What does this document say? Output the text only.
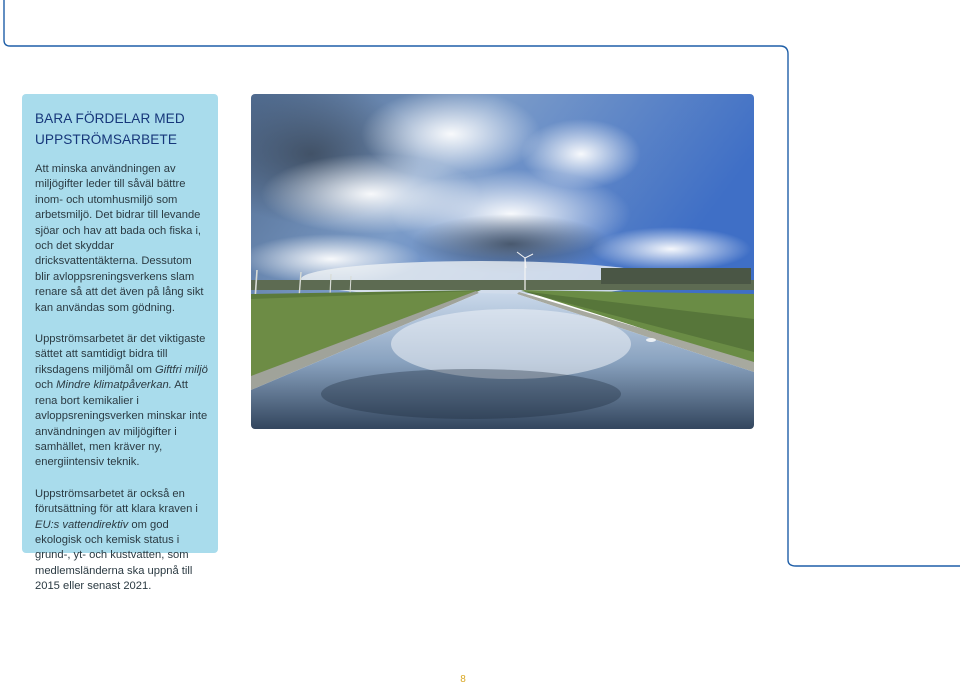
BARA FÖRDELAR MED
UPPSTRÖMSARBETE

Att minska användningen av miljögifter leder till såväl bättre inom- och utomhusmiljö som arbetsmiljö. Det bidrar till levande sjöar och hav att bada och fiska i, och det skyddar dricksvattentäkterna. Dessutom blir avloppsreningsverkens slam renare så att det även på lång sikt kan användas som gödning.

Uppströmsarbetet är det viktigaste sättet att samtidigt bidra till riksdagens miljömål om Giftfri miljö och Mindre klimatpåverkan. Att rena bort kemikalier i avloppsreningsverken minskar inte användningen av miljögifter i samhället, men kräver ny, energiintensiv teknik.

Uppströmsarbetet är också en förutsättning för att klara kraven i EU:s vattendirektiv om god ekologisk och kemisk status i grund-, yt- och kustvatten, som medlemsländerna ska uppnå till 2015 eller senast 2021.

8
